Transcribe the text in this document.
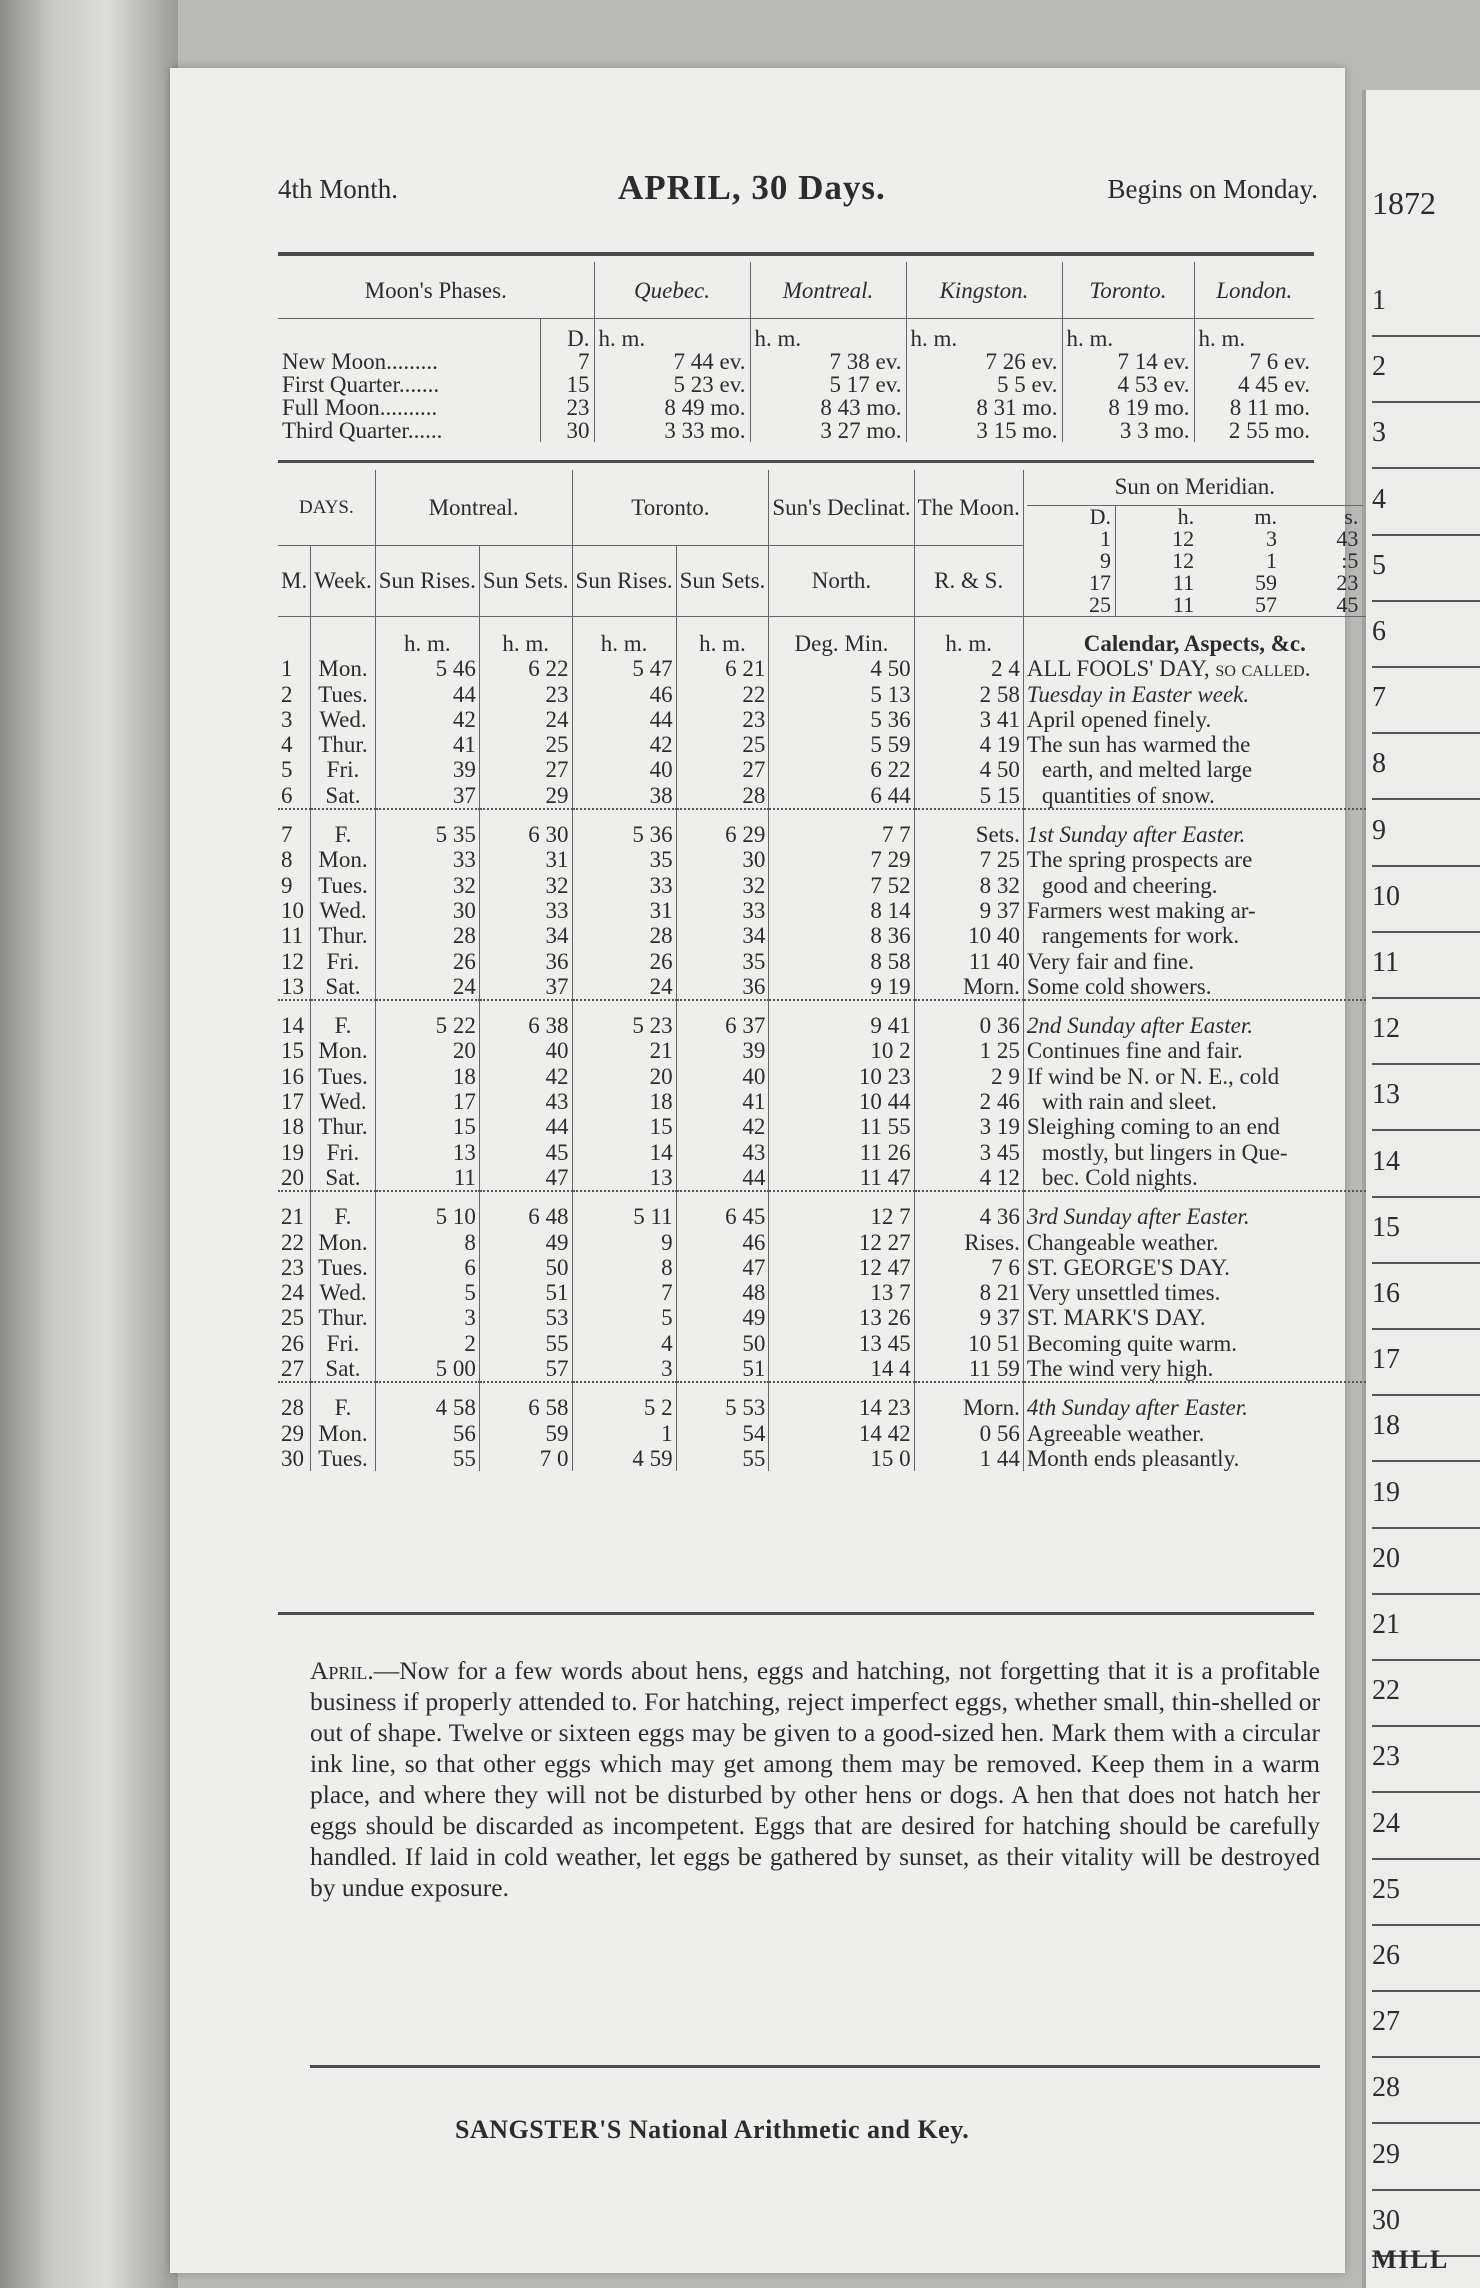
1872
1
2
3
4
5
6
7
8
9
10
11
12
13
14
15
16
17
18
19
20
21
22
23
24
25
26
27
28
29
30
MILL
4th Month.	APRIL, 30 Days.	Begins on Monday.
Moon's Phases.		Quebec.	Montreal.	Kingston.	Toronto.	London.

	D.	h. m.	h. m.	h. m.	h. m.	h. m.
New Moon.........	7	7 44 ev.	7 38 ev.	7 26 ev.	7 14 ev.	7 6 ev.
First Quarter.......	15	5 23 ev.	5 17 ev.	5 5 ev.	4 53 ev.	4 45 ev.
Full Moon..........	23	8 49 mo.	8 43 mo.	8 31 mo.	8 19 mo.	8 11 mo.
Third Quarter......	30	3 33 mo.	3 27 mo.	3 15 mo.	3 3 mo.	2 55 mo.
DAYS.	Montreal.	Toronto.	Sun's Declinat.	The Moon.	
Sun on Meridian.
D.	h.	m.	s.
1	12	3	43
9	12	1	:5
17	11	59	23
25	11	57	45

M.	Week.	Sun Rises.	Sun Sets.	Sun Rises.	Sun Sets.	North.	R. & S.

		h. m.	h. m.	h. m.	h. m.	Deg. Min.	h. m.	Calendar, Aspects, &c.
1	Mon.	5 46	6 22	5 47	6 21	4 50	2 4	ALL FOOLS' DAY, so called.
2	Tues.	44	23	46	22	5 13	2 58	Tuesday in Easter week.
3	Wed.	42	24	44	23	5 36	3 41	April opened finely.
4	Thur.	41	25	42	25	5 59	4 19	The sun has warmed the
5	Fri.	39	27	40	27	6 22	4 50	earth, and melted large
6	Sat.	37	29	38	28	6 44	5 15	quantities of snow.

7	F.	5 35	6 30	5 36	6 29	7 7	Sets.	1st Sunday after Easter.
8	Mon.	33	31	35	30	7 29	7 25	The spring prospects are
9	Tues.	32	32	33	32	7 52	8 32	good and cheering.
10	Wed.	30	33	31	33	8 14	9 37	Farmers west making ar-
11	Thur.	28	34	28	34	8 36	10 40	rangements for work.
12	Fri.	26	36	26	35	8 58	11 40	Very fair and fine.
13	Sat.	24	37	24	36	9 19	Morn.	Some cold showers.

14	F.	5 22	6 38	5 23	6 37	9 41	0 36	2nd Sunday after Easter.
15	Mon.	20	40	21	39	10 2	1 25	Continues fine and fair.
16	Tues.	18	42	20	40	10 23	2 9	If wind be N. or N. E., cold
17	Wed.	17	43	18	41	10 44	2 46	with rain and sleet.
18	Thur.	15	44	15	42	11 55	3 19	Sleighing coming to an end
19	Fri.	13	45	14	43	11 26	3 45	mostly, but lingers in Que-
20	Sat.	11	47	13	44	11 47	4 12	bec. Cold nights.

21	F.	5 10	6 48	5 11	6 45	12 7	4 36	3rd Sunday after Easter.
22	Mon.	8	49	9	46	12 27	Rises.	Changeable weather.
23	Tues.	6	50	8	47	12 47	7 6	ST. GEORGE'S DAY.
24	Wed.	5	51	7	48	13 7	8 21	Very unsettled times.
25	Thur.	3	53	5	49	13 26	9 37	ST. MARK'S DAY.
26	Fri.	2	55	4	50	13 45	10 51	Becoming quite warm.
27	Sat.	5 00	57	3	51	14 4	11 59	The wind very high.

28	F.	4 58	6 58	5 2	5 53	14 23	Morn.	4th Sunday after Easter.
29	Mon.	56	59	1	54	14 42	0 56	Agreeable weather.
30	Tues.	55	7 0	4 59	55	15 0	1 44	Month ends pleasantly.
April.—Now for a few words about hens, eggs and hatching, not forgetting that it is a profitable business if properly attended to. For hatching, reject imperfect eggs, whether small, thin-shelled or out of shape. Twelve or sixteen eggs may be given to a good-sized hen. Mark them with a circular ink line, so that other eggs which may get among them may be removed. Keep them in a warm place, and where they will not be disturbed by other hens or dogs. A hen that does not hatch her eggs should be discarded as incompetent. Eggs that are desired for hatching should be carefully handled. If laid in cold weather, let eggs be gathered by sunset, as their vitality will be destroyed by undue exposure.
SANGSTER'S National Arithmetic and Key.
